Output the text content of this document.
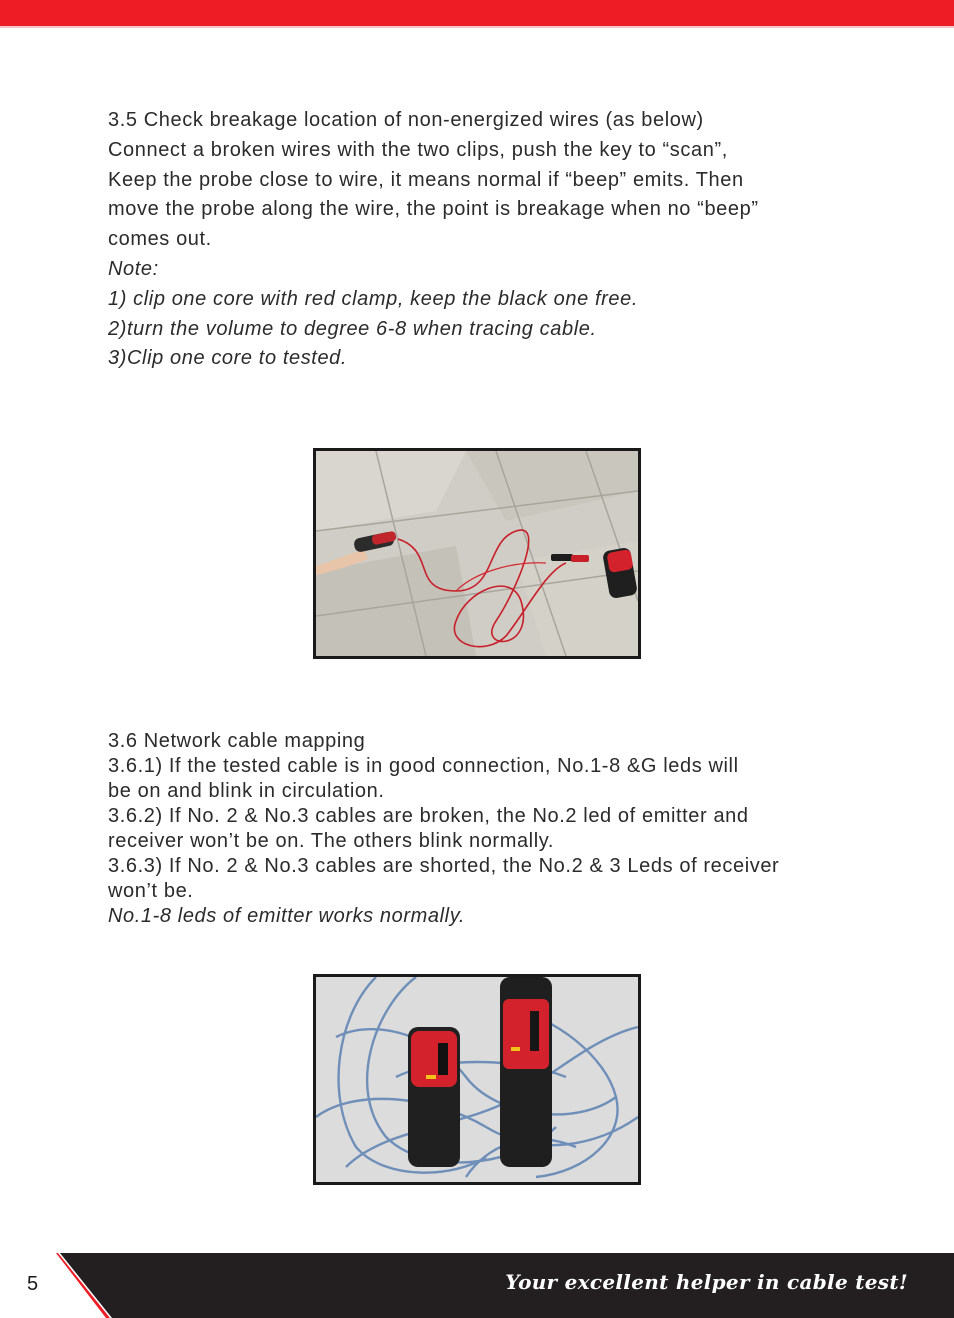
3.5 Check breakage location of non-energized wires (as below)

Connect a broken wires with the two clips, push the key to “scan”,

Keep the probe close to wire, it means normal if “beep” emits. Then

move the probe along the wire, the point is breakage when no “beep”

comes out.

Note:

1) clip one core with red clamp, keep the black one free.

2)turn the volume to degree 6-8 when tracing cable.

3)Clip one core to tested.

3.6 Network cable mapping

3.6.1) If the tested cable is in good connection, No.1-8 &G leds will

be on and blink in circulation.

3.6.2) If No. 2 & No.3 cables are broken, the No.2 led of emitter and

receiver won’t be on. The others blink normally.

3.6.3) If No. 2 & No.3 cables are shorted, the No.2 & 3 Leds of receiver

won’t be.

No.1-8 leds of emitter works normally.

5	Your excellent helper in cable test!
